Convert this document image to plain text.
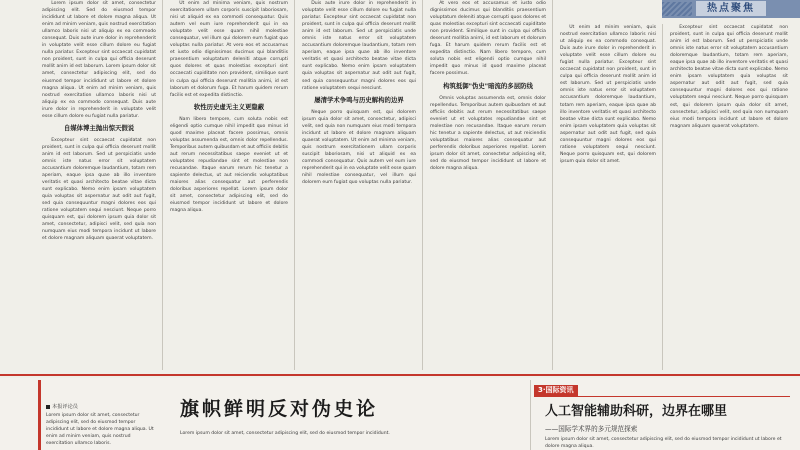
热点聚焦

Lorem ipsum dolor sit amet, consectetur adipiscing elit. Sed do eiusmod tempor incididunt ut labore et dolore magna aliqua. Ut enim ad minim veniam, quis nostrud exercitation ullamco laboris nisi ut aliquip ex ea commodo consequat. Duis aute irure dolor in reprehenderit in voluptate velit esse cillum dolore eu fugiat nulla pariatur. Excepteur sint occaecat cupidatat non proident, sunt in culpa qui officia deserunt mollit anim id est laborum. Lorem ipsum dolor sit amet, consectetur adipiscing elit, sed do eiusmod tempor incididunt ut labore et dolore magna aliqua. Ut enim ad minim veniam, quis nostrud exercitation ullamco laboris nisi ut aliquip ex ea commodo consequat. Duis aute irure dolor in reprehenderit in voluptate velit esse cillum dolore eu fugiat nulla pariatur.

自媒体博主抛出惊天假说

Excepteur sint occaecat cupidatat non proident, sunt in culpa qui officia deserunt mollit anim id est laborum. Sed ut perspiciatis unde omnis iste natus error sit voluptatem accusantium doloremque laudantium, totam rem aperiam, eaque ipsa quae ab illo inventore veritatis et quasi architecto beatae vitae dicta sunt explicabo. Nemo enim ipsam voluptatem quia voluptas sit aspernatur aut odit aut fugit, sed quia consequuntur magni dolores eos qui ratione voluptatem sequi nesciunt. Neque porro quisquam est, qui dolorem ipsum quia dolor sit amet, consectetur, adipisci velit, sed quia non numquam eius modi tempora incidunt ut labore et dolore magnam aliquam quaerat voluptatem.

Ut enim ad minima veniam, quis nostrum exercitationem ullam corporis suscipit laboriosam, nisi ut aliquid ex ea commodi consequatur. Quis autem vel eum iure reprehenderit qui in ea voluptate velit esse quam nihil molestiae consequatur, vel illum qui dolorem eum fugiat quo voluptas nulla pariatur. At vero eos et accusamus et iusto odio dignissimos ducimus qui blanditiis praesentium voluptatum deleniti atque corrupti quos dolores et quas molestias excepturi sint occaecati cupiditate non provident, similique sunt in culpa qui officia deserunt mollitia animi, id est laborum et dolorum fuga. Et harum quidem rerum facilis est et expedita distinctio.

软性历史虚无主义更隐蔽

Nam libero tempore, cum soluta nobis est eligendi optio cumque nihil impedit quo minus id quod maxime placeat facere possimus, omnis voluptas assumenda est, omnis dolor repellendus. Temporibus autem quibusdam et aut officiis debitis aut rerum necessitatibus saepe eveniet ut et voluptates repudiandae sint et molestiae non recusandae. Itaque earum rerum hic tenetur a sapiente delectus, ut aut reiciendis voluptatibus maiores alias consequatur aut perferendis doloribus asperiores repellat. Lorem ipsum dolor sit amet, consectetur adipiscing elit, sed do eiusmod tempor incididunt ut labore et dolore magna aliqua.

Duis aute irure dolor in reprehenderit in voluptate velit esse cillum dolore eu fugiat nulla pariatur. Excepteur sint occaecat cupidatat non proident, sunt in culpa qui officia deserunt mollit anim id est laborum. Sed ut perspiciatis unde omnis iste natus error sit voluptatem accusantium doloremque laudantium, totam rem aperiam, eaque ipsa quae ab illo inventore veritatis et quasi architecto beatae vitae dicta sunt explicabo. Nemo enim ipsam voluptatem quia voluptas sit aspernatur aut odit aut fugit, sed quia consequuntur magni dolores eos qui ratione voluptatem sequi nesciunt.

屡清学术争鸣与历史解构的边界

Neque porro quisquam est, qui dolorem ipsum quia dolor sit amet, consectetur, adipisci velit, sed quia non numquam eius modi tempora incidunt ut labore et dolore magnam aliquam quaerat voluptatem. Ut enim ad minima veniam, quis nostrum exercitationem ullam corporis suscipit laboriosam, nisi ut aliquid ex ea commodi consequatur. Quis autem vel eum iure reprehenderit qui in ea voluptate velit esse quam nihil molestiae consequatur, vel illum qui dolorem eum fugiat quo voluptas nulla pariatur.

At vero eos et accusamus et iusto odio dignissimos ducimus qui blanditiis praesentium voluptatum deleniti atque corrupti quos dolores et quas molestias excepturi sint occaecati cupiditate non provident. Similique sunt in culpa qui officia deserunt mollitia animi, id est laborum et dolorum fuga. Et harum quidem rerum facilis est et expedita distinctio. Nam libero tempore, cum soluta nobis est eligendi optio cumque nihil impedit quo minus id quod maxime placeat facere possimus.

构筑抵御"伪史"暗流的多层防线

Omnis voluptas assumenda est, omnis dolor repellendus. Temporibus autem quibusdam et aut officiis debitis aut rerum necessitatibus saepe eveniet ut et voluptates repudiandae sint et molestiae non recusandae. Itaque earum rerum hic tenetur a sapiente delectus, ut aut reiciendis voluptatibus maiores alias consequatur aut perferendis doloribus asperiores repellat. Lorem ipsum dolor sit amet, consectetur adipiscing elit, sed do eiusmod tempor incididunt ut labore et dolore magna aliqua.

Ut enim ad minim veniam, quis nostrud exercitation ullamco laboris nisi ut aliquip ex ea commodo consequat. Duis aute irure dolor in reprehenderit in voluptate velit esse cillum dolore eu fugiat nulla pariatur. Excepteur sint occaecat cupidatat non proident, sunt in culpa qui officia deserunt mollit anim id est laborum. Sed ut perspiciatis unde omnis iste natus error sit voluptatem accusantium doloremque laudantium, totam rem aperiam, eaque ipsa quae ab illo inventore veritatis et quasi architecto beatae vitae dicta sunt explicabo. Nemo enim ipsam voluptatem quia voluptas sit aspernatur aut odit aut fugit, sed quia consequuntur magni dolores eos qui ratione voluptatem sequi nesciunt. Neque porro quisquam est, qui dolorem ipsum quia dolor sit amet.

Excepteur sint occaecat cupidatat non proident, sunt in culpa qui officia deserunt mollit anim id est laborum. Sed ut perspiciatis unde omnis iste natus error sit voluptatem accusantium doloremque laudantium, totam rem aperiam, eaque ipsa quae ab illo inventore veritatis et quasi architecto beatae vitae dicta sunt explicabo. Nemo enim ipsam voluptatem quia voluptas sit aspernatur aut odit aut fugit, sed quia consequuntur magni dolores eos qui ratione voluptatem sequi nesciunt. Neque porro quisquam est, qui dolorem ipsum quia dolor sit amet, consectetur, adipisci velit, sed quia non numquam eius modi tempora incidunt ut labore et dolore magnam aliquam quaerat voluptatem.

本报评论员
Lorem ipsum dolor sit amet, consectetur adipiscing elit, sed do eiusmod tempor incididunt ut labore et dolore magna aliqua. Ut enim ad minim veniam, quis nostrud exercitation ullamco laboris.
旗帜鲜明反对伪史论
Lorem ipsum dolor sit amet, consectetur adipiscing elit, sed do eiusmod tempor incididunt.
3·国际资讯
人工智能辅助科研，边界在哪里
——国际学术界的多元规范探索
Lorem ipsum dolor sit amet, consectetur adipiscing elit, sed do eiusmod tempor incididunt ut labore et dolore magna aliqua.
